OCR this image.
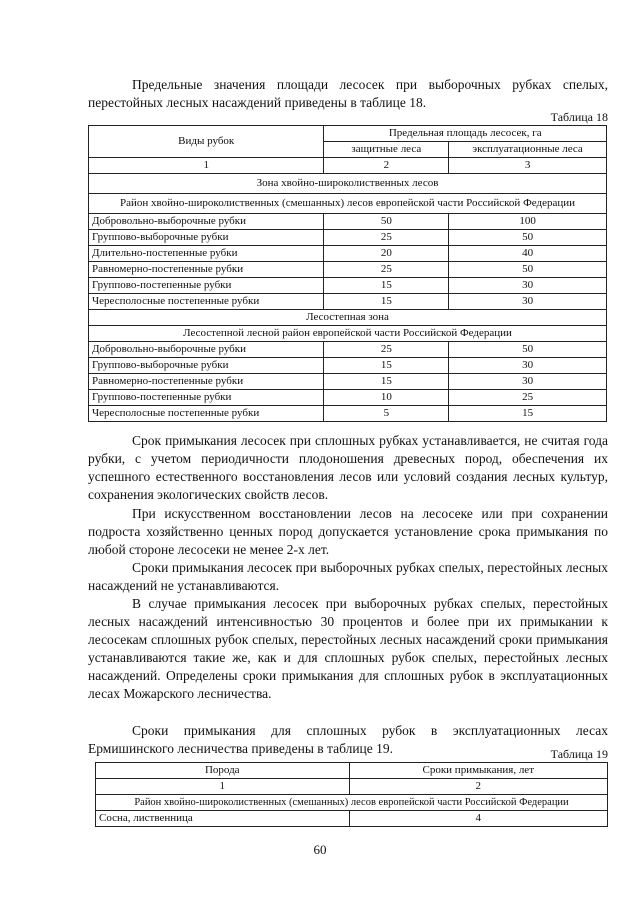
Предельные значения площади лесосек при выборочных рубках спелых, перестойных лесных насаждений приведены в таблице 18.

Таблица 18
Виды рубок	Предельная площадь лесосек, га	
	защитные леса	эксплуатационные леса
1	2	3
Зона хвойно-широколиственных лесов		
Район хвойно-широколиственных (смешанных) лесов европейской части Российской Федерации		
Добровольно-выборочные рубки	50	100
Группово-выборочные рубки	25	50
Длительно-постепенные рубки	20	40
Равномерно-постепенные рубки	25	50
Группово-постепенные рубки	15	30
Чересполосные постепенные рубки	15	30
Лесостепная зона		
Лесостепной лесной район европейской части Российской Федерации		
Добровольно-выборочные рубки	25	50
Группово-выборочные рубки	15	30
Равномерно-постепенные рубки	15	30
Группово-постепенные рубки	10	25
Чересполосные постепенные рубки	5	15

Срок примыкания лесосек при сплошных рубках устанавливается, не считая года рубки, с учетом периодичности плодоношения древесных пород, обеспечения их успешного естественного восстановления лесов или условий создания лесных культур, сохранения экологических свойств лесов.

При искусственном восстановлении лесов на лесосеке или при сохранении подроста хозяйственно ценных пород допускается установление срока примыкания по любой стороне лесосеки не менее 2-х лет.

Сроки примыкания лесосек при выборочных рубках спелых, перестойных лесных насаждений не устанавливаются.

В случае примыкания лесосек при выборочных рубках спелых, перестойных лесных насаждений интенсивностью 30 процентов и более при их примыкании к лесосекам сплошных рубок спелых, перестойных лесных насаждений сроки примыкания устанавливаются такие же, как и для сплошных рубок спелых, перестойных лесных насаждений. Определены сроки примыкания для сплошных рубок в эксплуатационных лесах Можарского лесничества.

Сроки примыкания для сплошных рубок в эксплуатационных лесах Ермишинского лесничества приведены в таблице 19.	Таблица 19
Порода	Сроки примыкания, лет
1	2
Район хвойно-широколиственных (смешанных) лесов европейской части Российской Федерации	
Сосна, лиственница	4
60
